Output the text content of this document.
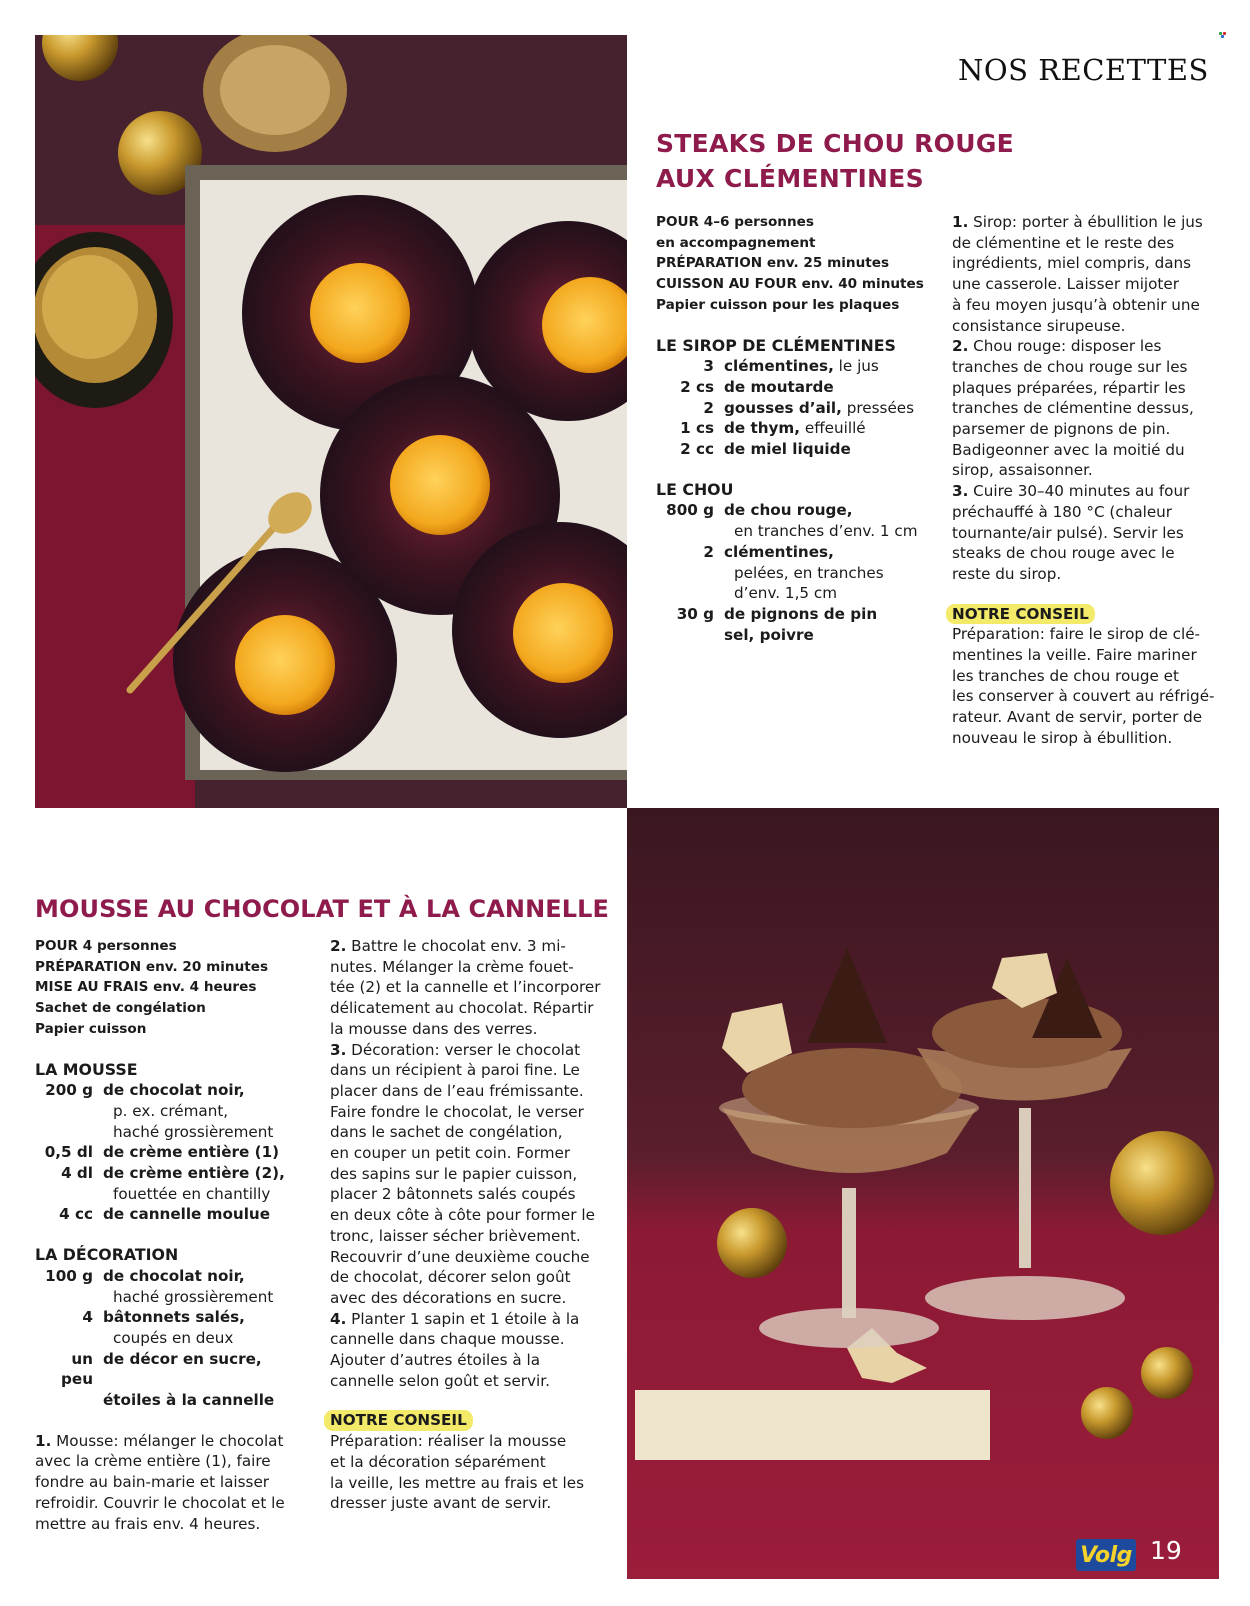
NOS RECETTES
STEAKS DE CHOU ROUGE
AUX CLÉMENTINES
POUR 4–6 personnes
en accompagnement
PRÉPARATION env. 25 minutes
CUISSON AU FOUR env. 40 minutes
Papier cuisson pour les plaques
LE SIROP DE CLÉMENTINES
3 clémentines, le jus
2 cs de moutarde
2 gousses d’ail, pressées
1 cs de thym, effeuillé
2 cc de miel liquide
LE CHOU
800 g de chou rouge,
en tranches d’env. 1 cm
2 clémentines,
pelées, en tranches
d’env. 1,5 cm
30 g de pignons de pin
sel, poivre
1. Sirop: porter à ébullition le jus
de clémentine et le reste des
ingrédients, miel compris, dans
une casserole. Laisser mijoter
à feu moyen jusqu’à obtenir une
consistance sirupeuse.
2. Chou rouge: disposer les
tranches de chou rouge sur les
plaques préparées, répartir les
tranches de clémentine dessus,
parsemer de pignons de pin.
Badigeonner avec la moitié du
sirop, assaisonner.
3. Cuire 30–40 minutes au four
préchauffé à 180 °C (chaleur
tournante/air pulsé). Servir les
steaks de chou rouge avec le
reste du sirop.
NOTRE CONSEIL
Préparation: faire le sirop de clé-
mentines la veille. Faire mariner
les tranches de chou rouge et
les conserver à couvert au réfrigé-
rateur. Avant de servir, porter de
nouveau le sirop à ébullition.
MOUSSE AU CHOCOLAT ET À LA CANNELLE
POUR 4 personnes
PRÉPARATION env. 20 minutes
MISE AU FRAIS env. 4 heures
Sachet de congélation
Papier cuisson
LA MOUSSE
200 g de chocolat noir,
p. ex. crémant,
haché grossièrement
0,5 dl de crème entière (1)
4 dl de crème entière (2),
fouettée en chantilly
4 cc de cannelle moulue
LA DÉCORATION
100 g de chocolat noir,
haché grossièrement
4 bâtonnets salés,
coupés en deux
un peu
de décor en sucre,
étoiles à la cannelle
1. Mousse: mélanger le chocolat
avec la crème entière (1), faire
fondre au bain-marie et laisser
refroidir. Couvrir le chocolat et le
mettre au frais env. 4 heures.
2. Battre le chocolat env. 3 mi-
nutes. Mélanger la crème fouet-
tée (2) et la cannelle et l’incorporer
délicatement au chocolat. Répartir
la mousse dans des verres.
3. Décoration: verser le chocolat
dans un récipient à paroi fine. Le
placer dans de l’eau frémissante.
Faire fondre le chocolat, le verser
dans le sachet de congélation,
en couper un petit coin. Former
des sapins sur le papier cuisson,
placer 2 bâtonnets salés coupés
en deux côte à côte pour former le
tronc, laisser sécher brièvement.
Recouvrir d’une deuxième couche
de chocolat, décorer selon goût
avec des décorations en sucre.
4. Planter 1 sapin et 1 étoile à la
cannelle dans chaque mousse.
Ajouter d’autres étoiles à la
cannelle selon goût et servir.
NOTRE CONSEIL
Préparation: réaliser la mousse
et la décoration séparément
la veille, les mettre au frais et les
dresser juste avant de servir.
Volg 19
